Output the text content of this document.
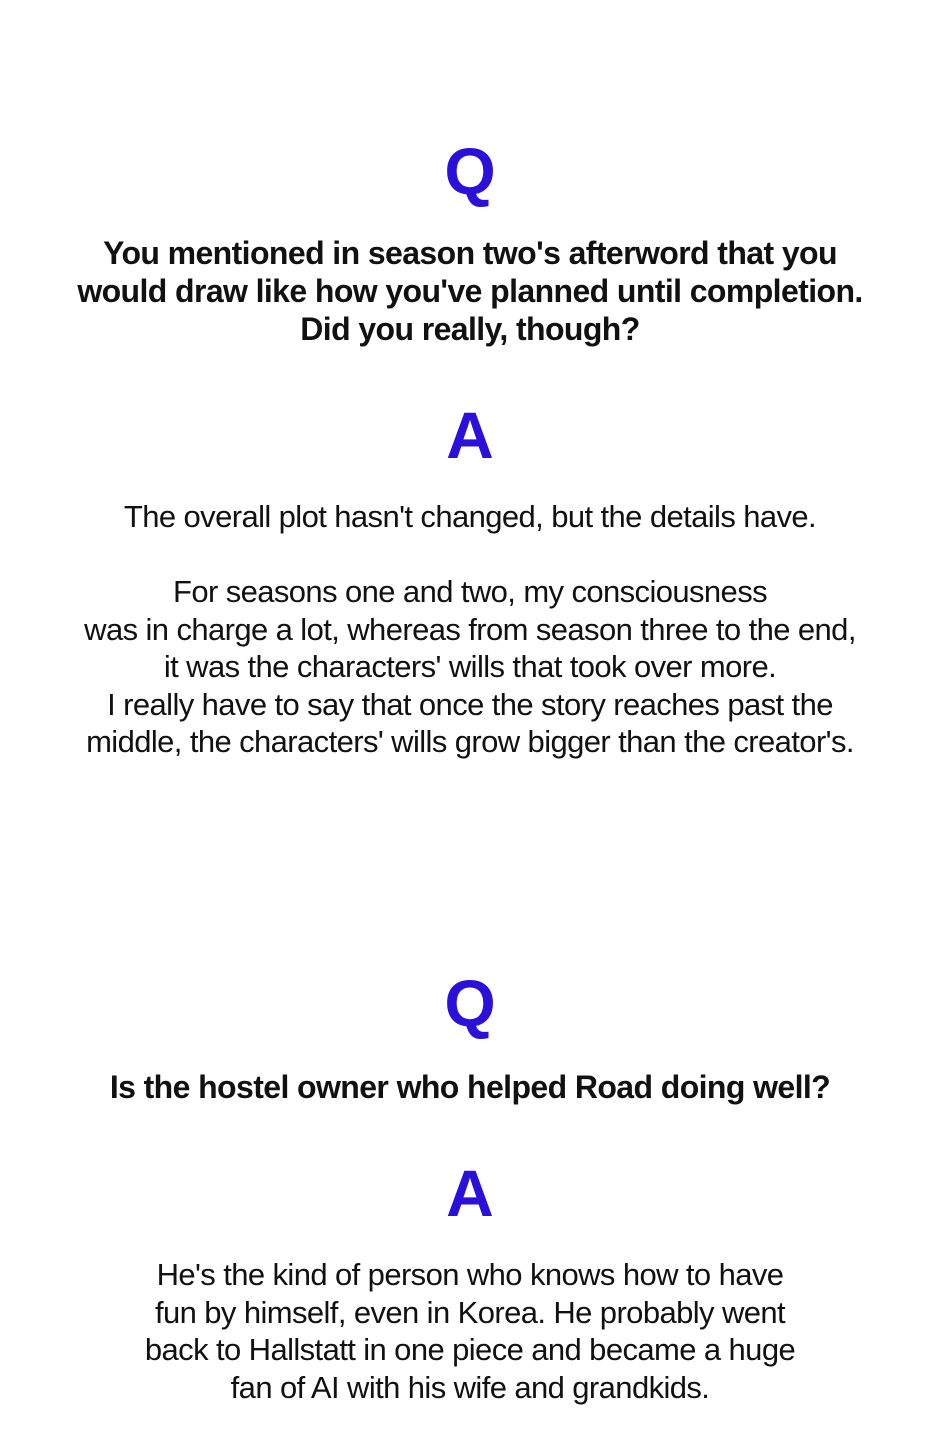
Q
You mentioned in season two's afterword that you
would draw like how you've planned until completion.
Did you really, though?
A
The overall plot hasn't changed, but the details have.
For seasons one and two, my consciousness
was in charge a lot, whereas from season three to the end,
it was the characters' wills that took over more.
I really have to say that once the story reaches past the
middle, the characters' wills grow bigger than the creator's.
Q
Is the hostel owner who helped Road doing well?
A
He's the kind of person who knows how to have
fun by himself, even in Korea. He probably went
back to Hallstatt in one piece and became a huge
fan of AI with his wife and grandkids.
